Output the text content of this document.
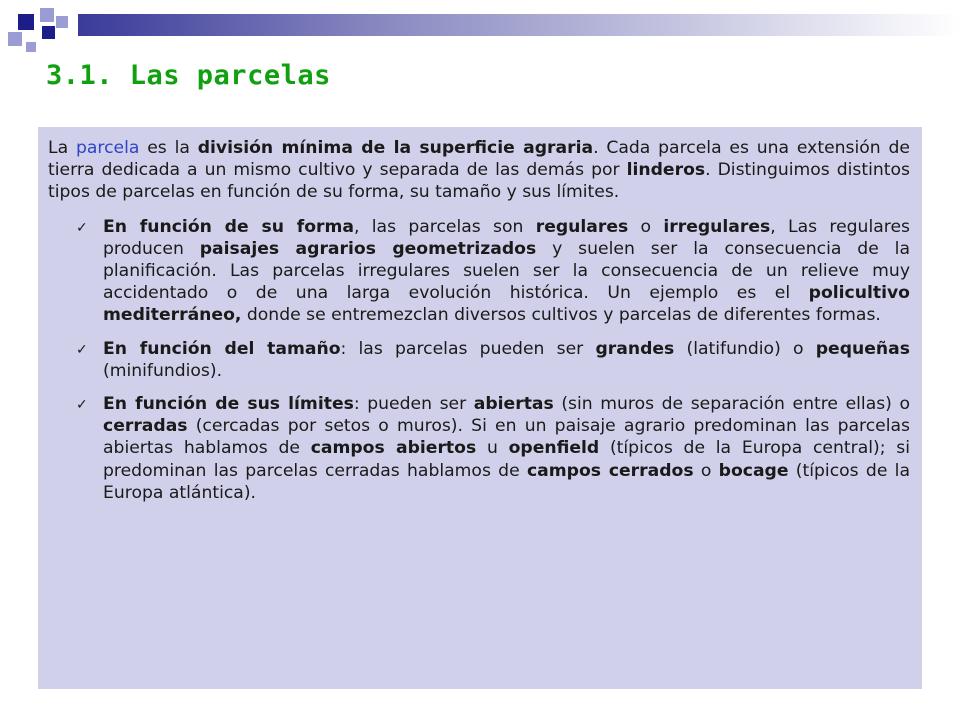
3.1. Las parcelas

La parcela es la división mínima de la superficie agraria. Cada parcela es una extensión de tierra dedicada a un mismo cultivo y separada de las demás por linderos. Distinguimos distintos tipos de parcelas en función de su forma, su tamaño y sus límites.

✓ En función de su forma, las parcelas son regulares o irregulares, Las regulares producen paisajes agrarios geometrizados y suelen ser la consecuencia de la planificación. Las parcelas irregulares suelen ser la consecuencia de un relieve muy accidentado o de una larga evolución histórica. Un ejemplo es el policultivo mediterráneo, donde se entremezclan diversos cultivos y parcelas de diferentes formas.
✓ En función del tamaño: las parcelas pueden ser grandes (latifundio) o pequeñas (minifundios).
✓ En función de sus límites: pueden ser abiertas (sin muros de separación entre ellas) o cerradas (cercadas por setos o muros). Si en un paisaje agrario predominan las parcelas abiertas hablamos de campos abiertos u openfield (típicos de la Europa central); si predominan las parcelas cerradas hablamos de campos cerrados o bocage (típicos de la Europa atlántica).
